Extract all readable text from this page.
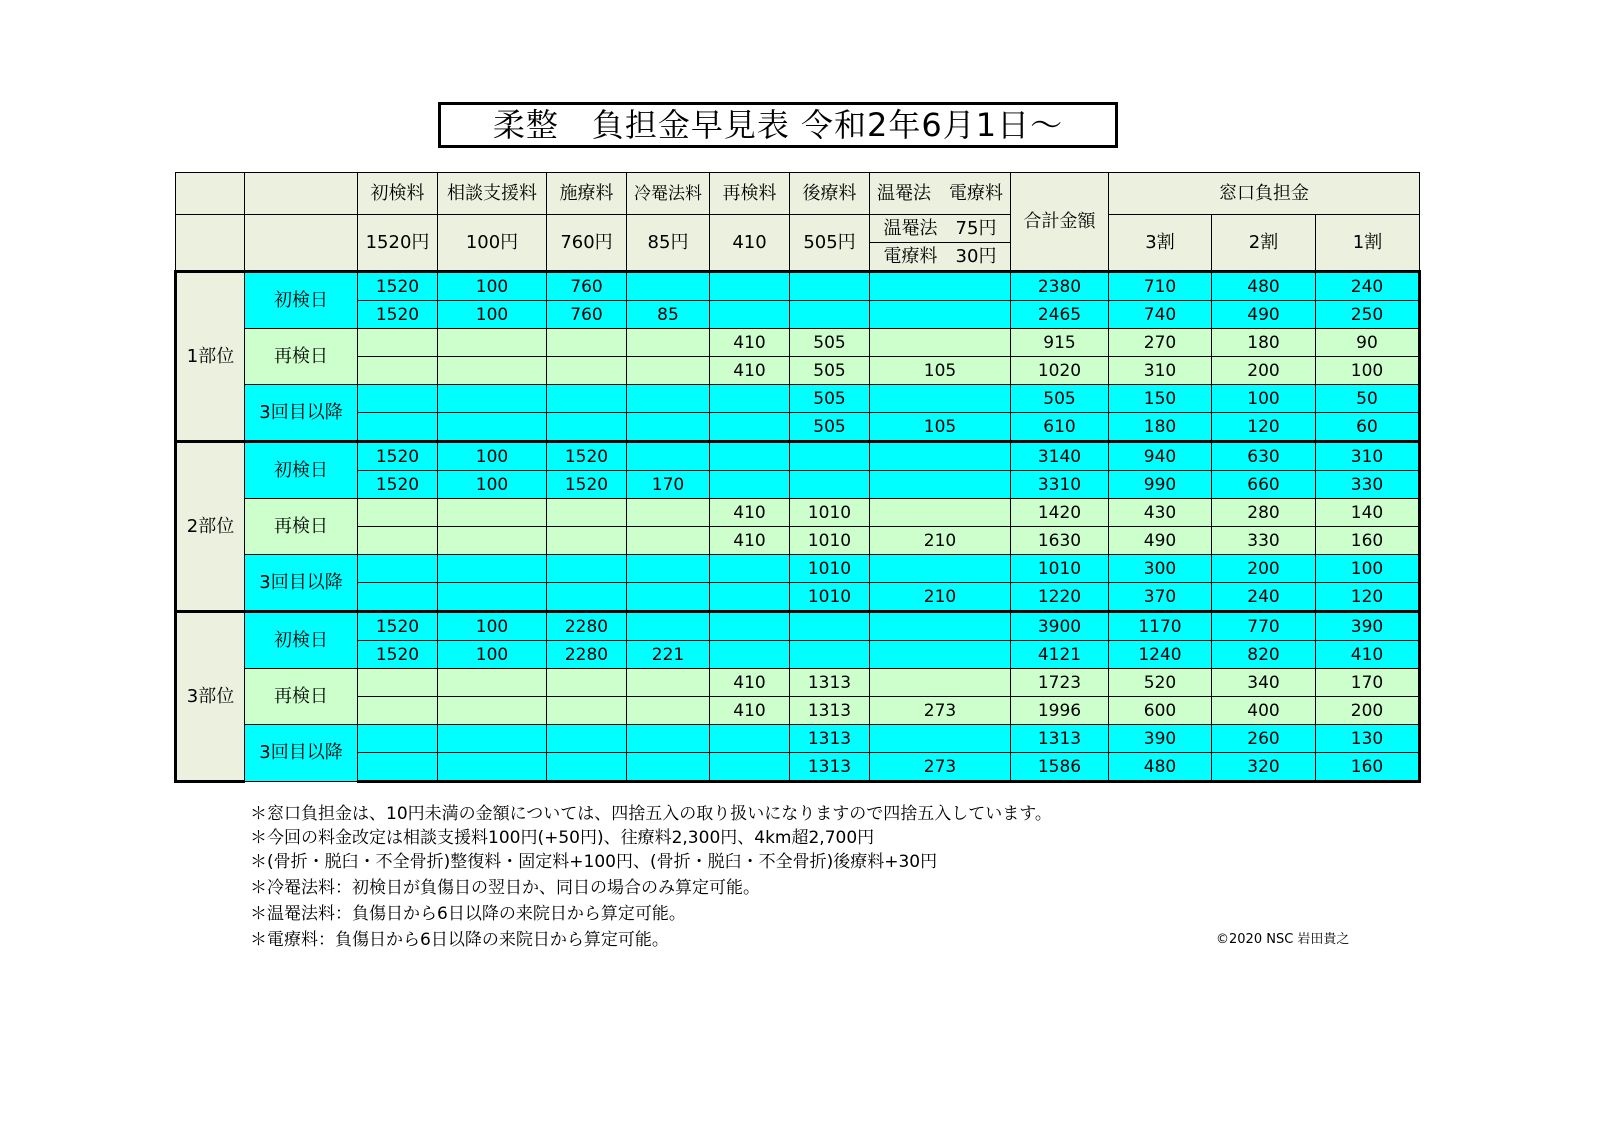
柔整　負担金早見表 令和2年6月1日～
		初検料	相談支援料	施療料	冷罨法料	再検料	後療料	温罨法　電療料	合計金額	窓口負担金		
		1520円	100円	760円	85円	410	505円	温罨法　75円		3割	2割	1割
								電療料　30円				
1部位	初検日	1520	100	760					2380	710	480	240
		1520	100	760	85				2465	740	490	250
	再検日					410	505		915	270	180	90
						410	505	105	1020	310	200	100
	3回目以降						505		505	150	100	50
							505	105	610	180	120	60
2部位	初検日	1520	100	1520					3140	940	630	310
		1520	100	1520	170				3310	990	660	330
	再検日					410	1010		1420	430	280	140
						410	1010	210	1630	490	330	160
	3回目以降						1010		1010	300	200	100
							1010	210	1220	370	240	120
3部位	初検日	1520	100	2280					3900	1170	770	390
		1520	100	2280	221				4121	1240	820	410
	再検日					410	1313		1723	520	340	170
						410	1313	273	1996	600	400	200
	3回目以降						1313		1313	390	260	130
							1313	273	1586	480	320	160
＊窓口負担金は、10円未満の金額については、四捨五入の取り扱いになりますので四捨五入しています。
＊今回の料金改定は相談支援料100円(+50円)、往療料2,300円、4km超2,700円
＊(骨折・脱臼・不全骨折)整復料・固定料+100円、(骨折・脱臼・不全骨折)後療料+30円
＊冷罨法料：初検日が負傷日の翌日か、同日の場合のみ算定可能。
＊温罨法料：負傷日から6日以降の来院日から算定可能。
＊電療料：負傷日から6日以降の来院日から算定可能。	©2020 NSC 岩田貴之
